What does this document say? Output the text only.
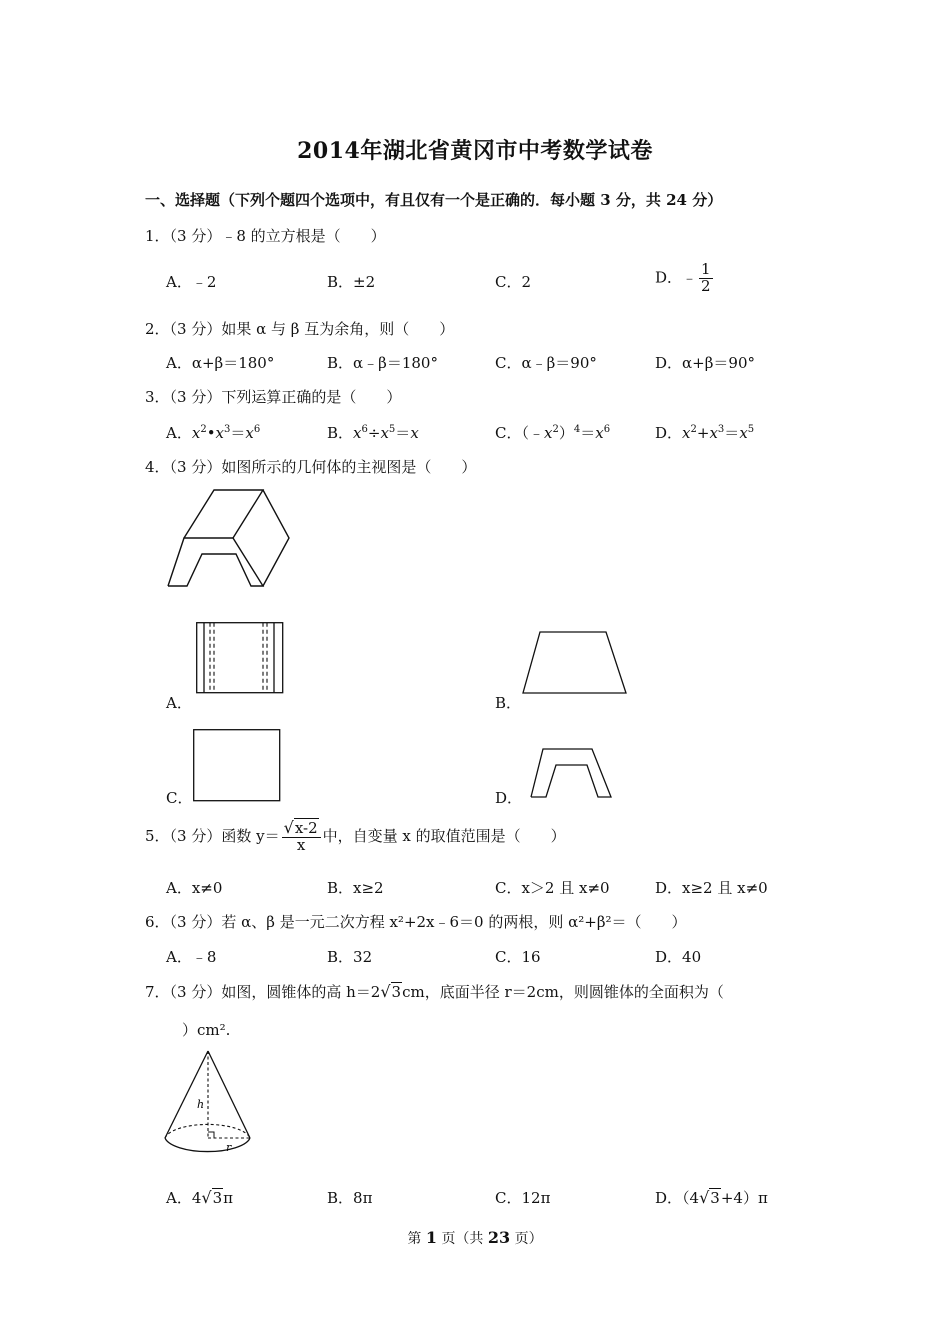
2014年湖北省黄冈市中考数学试卷
一、选择题（下列个题四个选项中，有且仅有一个是正确的．每小题 3 分，共 24 分）
1．（3 分）﹣8 的立方根是（　　）
A．﹣2	B．±2	C．2	D．﹣ $\frac{1}{2}$
2．（3 分）如果 α 与 β 互为余角，则（　　）
A．α+β＝180°	B．α﹣β＝180°	C．α﹣β＝90°	D．α+β＝90°
3．（3 分）下列运算正确的是（　　）
A．$x^2•x^3=x^6$	B．$x^6\div x^5=x$	C．$(﹣x^2)^4=x^6$	D．$x^2+x^3=x^5$
4．（3 分）如图所示的几何体的主视图是（　　）
A．	B．
C．	D．
5．（3 分）函数 $y= \frac{√x-2}{x}$ 中，自变量 x 的取值范围是（　　）
A．x≠0	B．x≥2	C．x＞2 且 x≠0	D．x≥2 且 x≠0
6．（3 分）若 α、β 是一元二次方程 x²+2x﹣6＝0 的两根，则 α²+β²＝（　　）
A．﹣8	B．32	C．16	D．40
7．（3 分）如图，圆锥体的高 h＝2√3cm，底面半径 r＝2cm，则圆锥体的全面积为（
）cm².
h
r
A．4√3π	B．8π	C．12π	D．（4√3+4）π
第 1 页（共 23 页）
